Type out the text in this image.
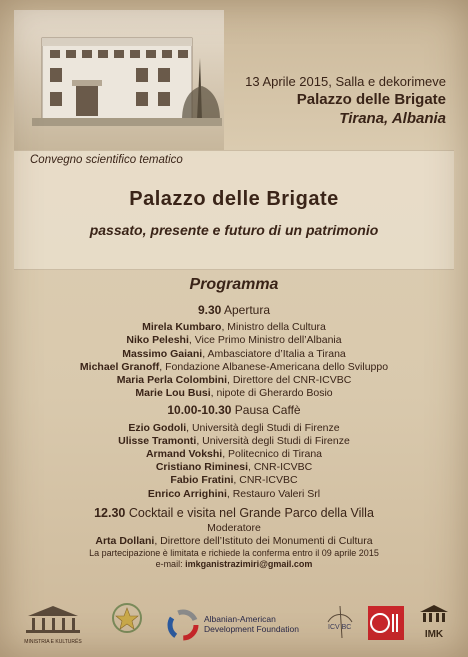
13 Aprile 2015, Salla e dekorimeve
Palazzo delle Brigate
Tirana, Albania
Convegno scientifico tematico
Palazzo delle Brigate
passato, presente e futuro di un patrimonio
Programma
9.30 Apertura
Mirela Kumbaro, Ministro della Cultura
Niko Peleshi, Vice Primo Ministro dell’Albania
Massimo Gaiani, Ambasciatore d’Italia a Tirana
Michael Granoff, Fondazione Albanese-Americana dello Sviluppo
Maria Perla Colombini, Direttore del CNR-ICVBC
Marie Lou Busi, nipote di Gherardo Bosio
10.00-10.30 Pausa Caffè
Ezio Godoli, Università degli Studi di Firenze
Ulisse Tramonti, Università degli Studi di Firenze
Armand Vokshi, Politecnico di Tirana
Cristiano Riminesi, CNR-ICVBC
Fabio Fratini, CNR-ICVBC
Enrico Arrighini, Restauro Valeri Srl
12.30 Cocktail e visita nel Grande Parco della Villa
Moderatore
Arta Dollani, Direttore dell’Istituto dei Monumenti di Cultura
La partecipazione è limitata e richiede la conferma entro il 09 aprile 2015
e-mail: imkganistrazimiri@gmail.com
MINISTRIA E KULTURËS
Albanian-American Development Foundation	ICV BC
IMK
